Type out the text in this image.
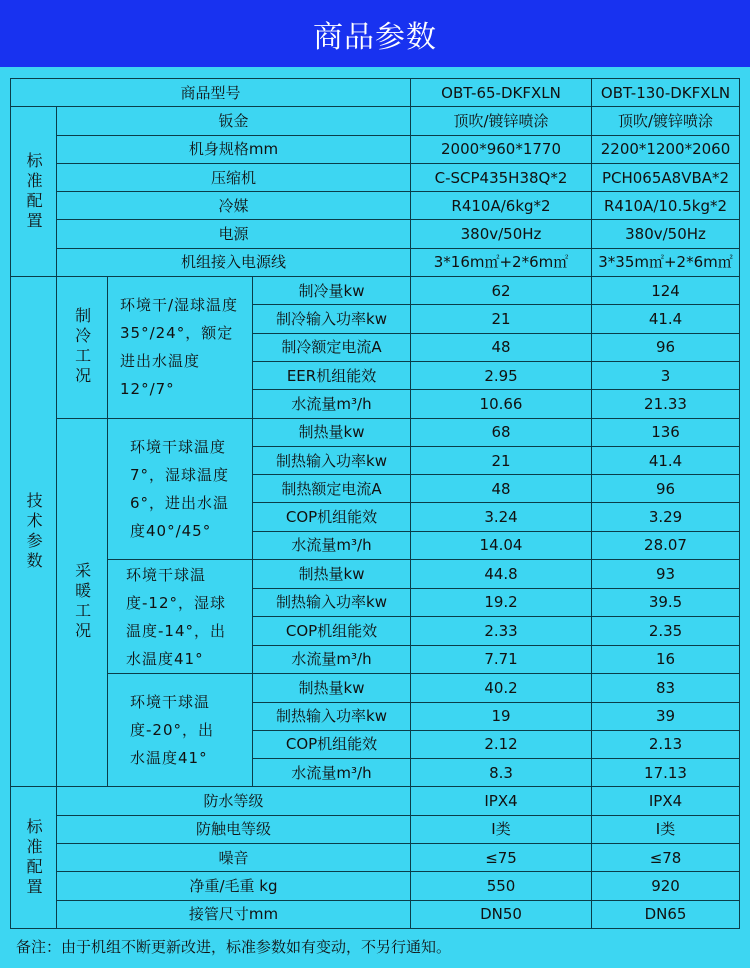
商品参数
商品型号				OBT-65-DKFXLN	OBT-130-DKFXLN
标准配置	钣金			顶吹/镀锌喷涂	顶吹/镀锌喷涂
	机身规格mm			2000*960*1770	2200*1200*2060
	压缩机			C-SCP435H38Q*2	PCH065A8VBA*2
	冷媒			R410A/6kg*2	R410A/10.5kg*2
	电源			380v/50Hz	380v/50Hz
	机组接入电源线			3*16m㎡+2*6m㎡	3*35m㎡+2*6m㎡
技术参数	制冷工况	环境干/湿球温度35°/24°，额定进出水温度12°/7°	制冷量kw	62	124
			制冷输入功率kw	21	41.4
			制冷额定电流A	48	96
			EER机组能效	2.95	3
			水流量m³/h	10.66	21.33
	采暖工况	环境干球温度7°，湿球温度6°，进出水温度40°/45°	制热量kw	68	136
			制热输入功率kw	21	41.4
			制热额定电流A	48	96
			COP机组能效	3.24	3.29
			水流量m³/h	14.04	28.07
		环境干球温度-12°，湿球温度-14°，出水温度41°	制热量kw	44.8	93
			制热输入功率kw	19.2	39.5
			COP机组能效	2.33	2.35
			水流量m³/h	7.71	16
		环境干球温度-20°，出水温度41°	制热量kw	40.2	83
			制热输入功率kw	19	39
			COP机组能效	2.12	2.13
			水流量m³/h	8.3	17.13
标准配置	防水等级			IPX4	IPX4
	防触电等级			I类	I类
	噪音			≤75	≤78
	净重/毛重 kg			550	920
	接管尺寸mm			DN50	DN65
备注：由于机组不断更新改进，标准参数如有变动，不另行通知。
